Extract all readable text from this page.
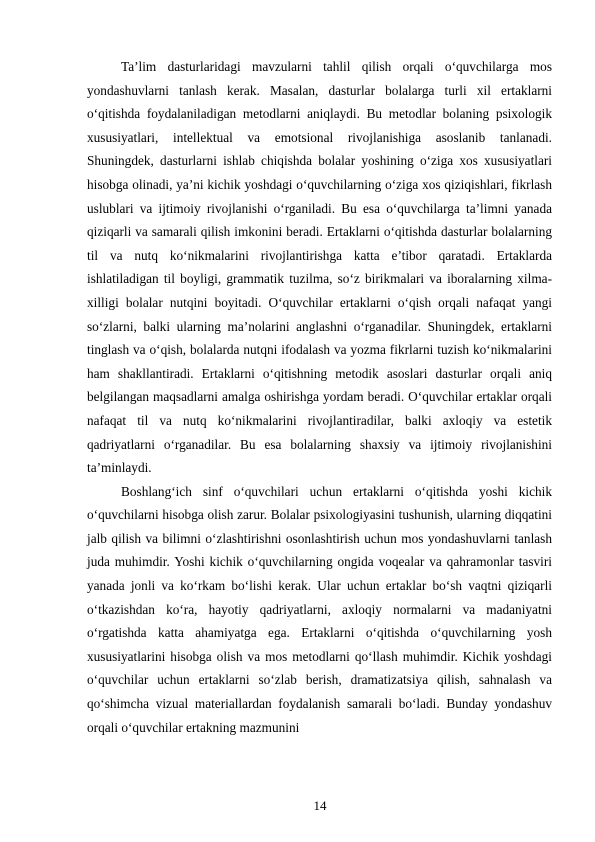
Ta’lim dasturlaridagi mavzularni tahlil qilish orqali o‘quvchilarga mos yondashuvlarni tanlash kerak. Masalan, dasturlar bolalarga turli xil ertaklarni o‘qitishda foydalaniladigan metodlarni aniqlaydi. Bu metodlar bolaning psixologik xususiyatlari, intellektual va emotsional rivojlanishiga asoslanib tanlanadi. Shuningdek, dasturlarni ishlab chiqishda bolalar yoshining o‘ziga xos xususiyatlari hisobga olinadi, ya’ni kichik yoshdagi o‘quvchilarning o‘ziga xos qiziqishlari, fikrlash uslublari va ijtimoiy rivojlanishi o‘rganiladi. Bu esa o‘quvchilarga ta’limni yanada qiziqarli va samarali qilish imkonini beradi. Ertaklarni o‘qitishda dasturlar bolalarning til va nutq ko‘nikmalarini rivojlantirishga katta e’tibor qaratadi. Ertaklarda ishlatiladigan til boyligi, grammatik tuzilma, so‘z birikmalari va iboralarning xilma-xilligi bolalar nutqini boyitadi. O‘quvchilar ertaklarni o‘qish orqali nafaqat yangi so‘zlarni, balki ularning ma’nolarini anglashni o‘rganadilar. Shuningdek, ertaklarni tinglash va o‘qish, bolalarda nutqni ifodalash va yozma fikrlarni tuzish ko‘nikmalarini ham shakllantiradi. Ertaklarni o‘qitishning metodik asoslari dasturlar orqali aniq belgilangan maqsadlarni amalga oshirishga yordam beradi. O‘quvchilar ertaklar orqali nafaqat til va nutq ko‘nikmalarini rivojlantiradilar, balki axloqiy va estetik qadriyatlarni o‘rganadilar. Bu esa bolalarning shaxsiy va ijtimoiy rivojlanishini ta’minlaydi.

Boshlang‘ich sinf o‘quvchilari uchun ertaklarni o‘qitishda yoshi kichik o‘quvchilarni hisobga olish zarur. Bolalar psixologiyasini tushunish, ularning diqqatini jalb qilish va bilimni o‘zlashtirishni osonlashtirish uchun mos yondashuvlarni tanlash juda muhimdir. Yoshi kichik o‘quvchilarning ongida voqealar va qahramonlar tasviri yanada jonli va ko‘rkam bo‘lishi kerak. Ular uchun ertaklar bo‘sh vaqtni qiziqarli o‘tkazishdan ko‘ra, hayotiy qadriyatlarni, axloqiy normalarni va madaniyatni o‘rgatishda katta ahamiyatga ega. Ertaklarni o‘qitishda o‘quvchilarning yosh xususiyatlarini hisobga olish va mos metodlarni qo‘llash muhimdir. Kichik yoshdagi o‘quvchilar uchun ertaklarni so‘zlab berish, dramatizatsiya qilish, sahnalash va qo‘shimcha vizual materiallardan foydalanish samarali bo‘ladi. Bunday yondashuv orqali o‘quvchilar ertakning mazmunini

14
